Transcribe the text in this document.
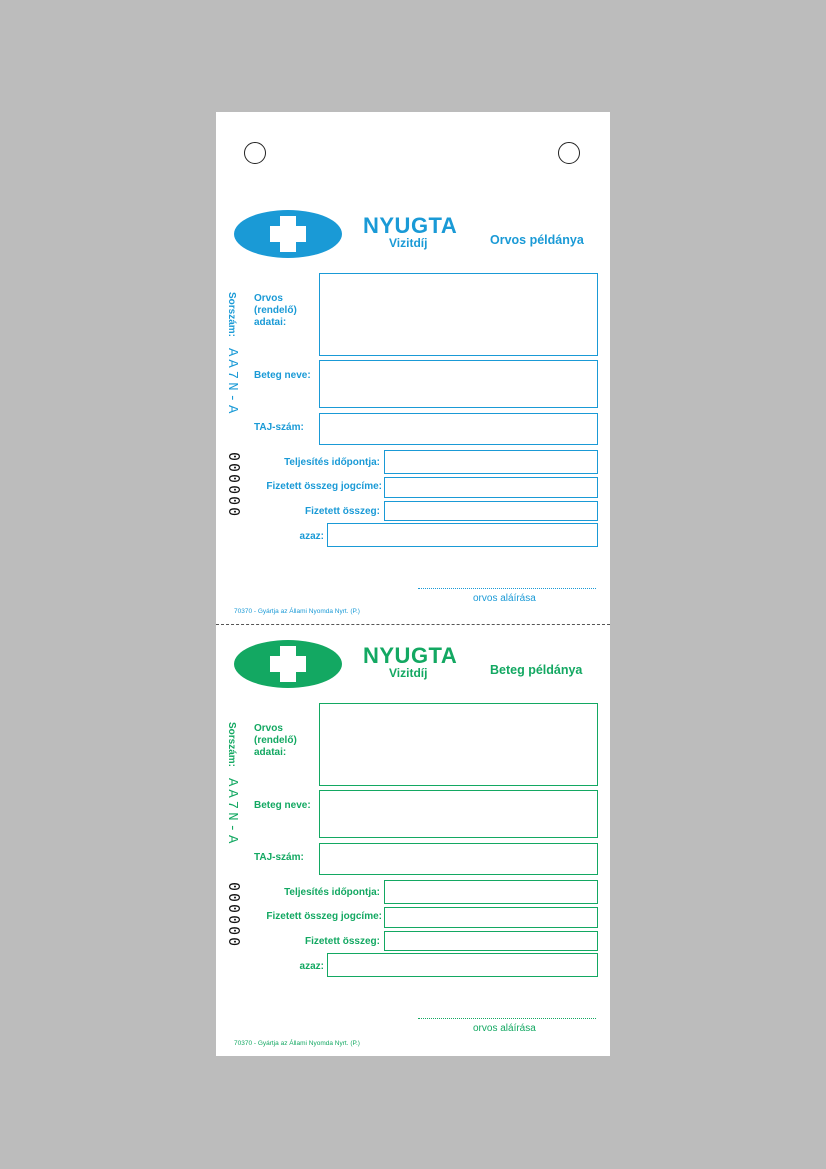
NYUGTA
Vizitdíj	Orvos példánya
Sorszám:
AA7N-A
000000
Orvos
(rendelő)
adatai:
Beteg neve:
TAJ-szám:
Teljesítés időpontja:
Fizetett összeg jogcíme:
Fizetett összeg:
azaz:
orvos aláírása
70370 - Gyártja az Állami Nyomda Nyrt. (P.)
NYUGTA
Vizitdíj	Beteg példánya
Sorszám:
AA7N-A
000000
Orvos
(rendelő)
adatai:
Beteg neve:
TAJ-szám:
Teljesítés időpontja:
Fizetett összeg jogcíme:
Fizetett összeg:
azaz:
orvos aláírása
70370 - Gyártja az Állami Nyomda Nyrt. (P.)
